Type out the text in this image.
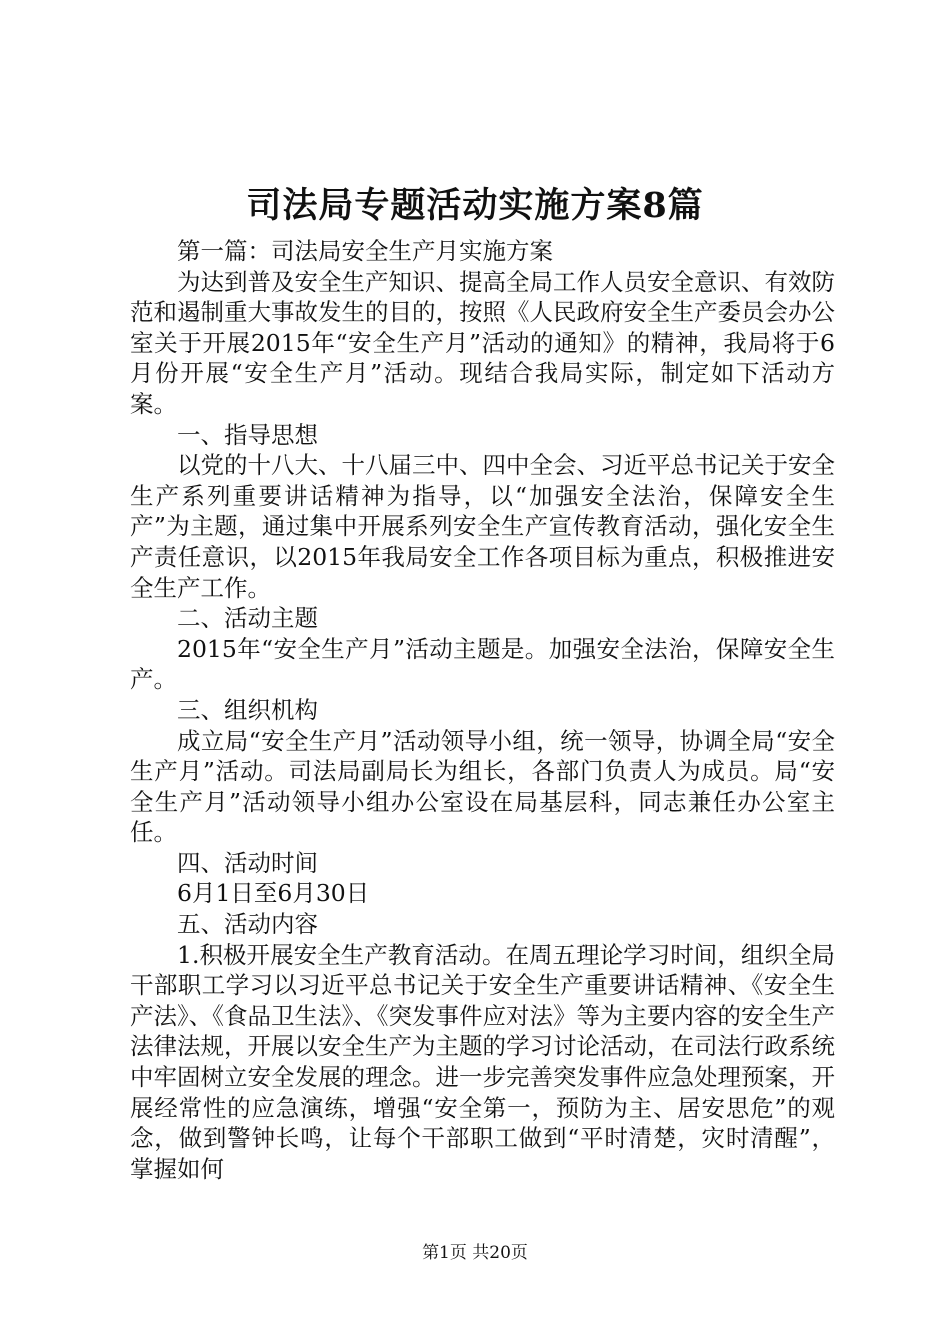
司法局专题活动实施方案8篇

第一篇：司法局安全生产月实施方案

为达到普及安全生产知识、提高全局工作人员安全意识、有效防范和遏制重大事故发生的目的，按照《人民政府安全生产委员会办公室关于开展2015年“安全生产月”活动的通知》的精神，我局将于6月份开展“安全生产月”活动。现结合我局实际，制定如下活动方案。

一、指导思想

以党的十八大、十八届三中、四中全会、习近平总书记关于安全生产系列重要讲话精神为指导，以“加强安全法治，保障安全生产”为主题，通过集中开展系列安全生产宣传教育活动，强化安全生产责任意识，以2015年我局安全工作各项目标为重点，积极推进安全生产工作。

二、活动主题

2015年“安全生产月”活动主题是。加强安全法治，保障安全生产。

三、组织机构

成立局“安全生产月”活动领导小组，统一领导，协调全局“安全生产月”活动。司法局副局长为组长，各部门负责人为成员。局“安全生产月”活动领导小组办公室设在局基层科，同志兼任办公室主任。

四、活动时间

6月1日至6月30日

五、活动内容

1.积极开展安全生产教育活动。在周五理论学习时间，组织全局干部职工学习以习近平总书记关于安全生产重要讲话精神、《安全生产法》、《食品卫生法》、《突发事件应对法》等为主要内容的安全生产法律法规，开展以安全生产为主题的学习讨论活动，在司法行政系统中牢固树立安全发展的理念。进一步完善突发事件应急处理预案，开展经常性的应急演练，增强“安全第一，预防为主、居安思危”的观念，做到警钟长鸣，让每个干部职工做到“平时清楚，灾时清醒”，掌握如何

第1页 共20页
